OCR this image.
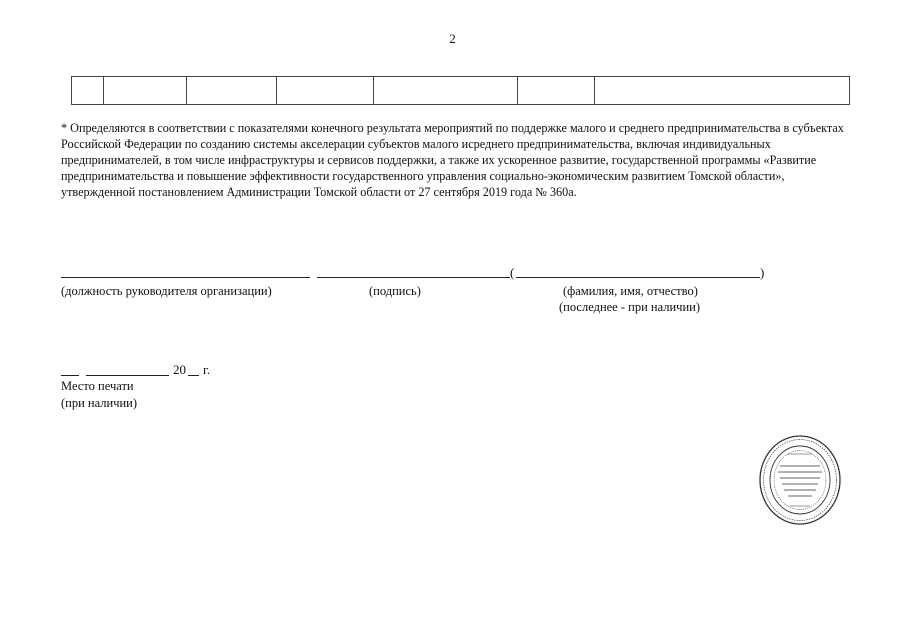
2

* Определяются в соответствии с показателями конечного результата мероприятий по поддержке малого и среднего предпринимательства в субъектах Российской Федерации по созданию системы акселерации субъектов малого исреднего предпринимательства, включая индивидуальных предпринимателей, в том числе инфраструктуры и сервисов поддержки, а также их ускоренное развитие, государственной программы «Развитие предпринимательства и повышение эффективности государственного управления социально-экономическим развитием Томской области», утвержденной постановлением Администрации Томской области от 27 сентября 2019 года № 360а.

(	)
(должность руководителя организации)	(подпись)	(фамилия, имя, отчество)
(последнее - при наличии)
20 г.
Место печати
(при наличии)
